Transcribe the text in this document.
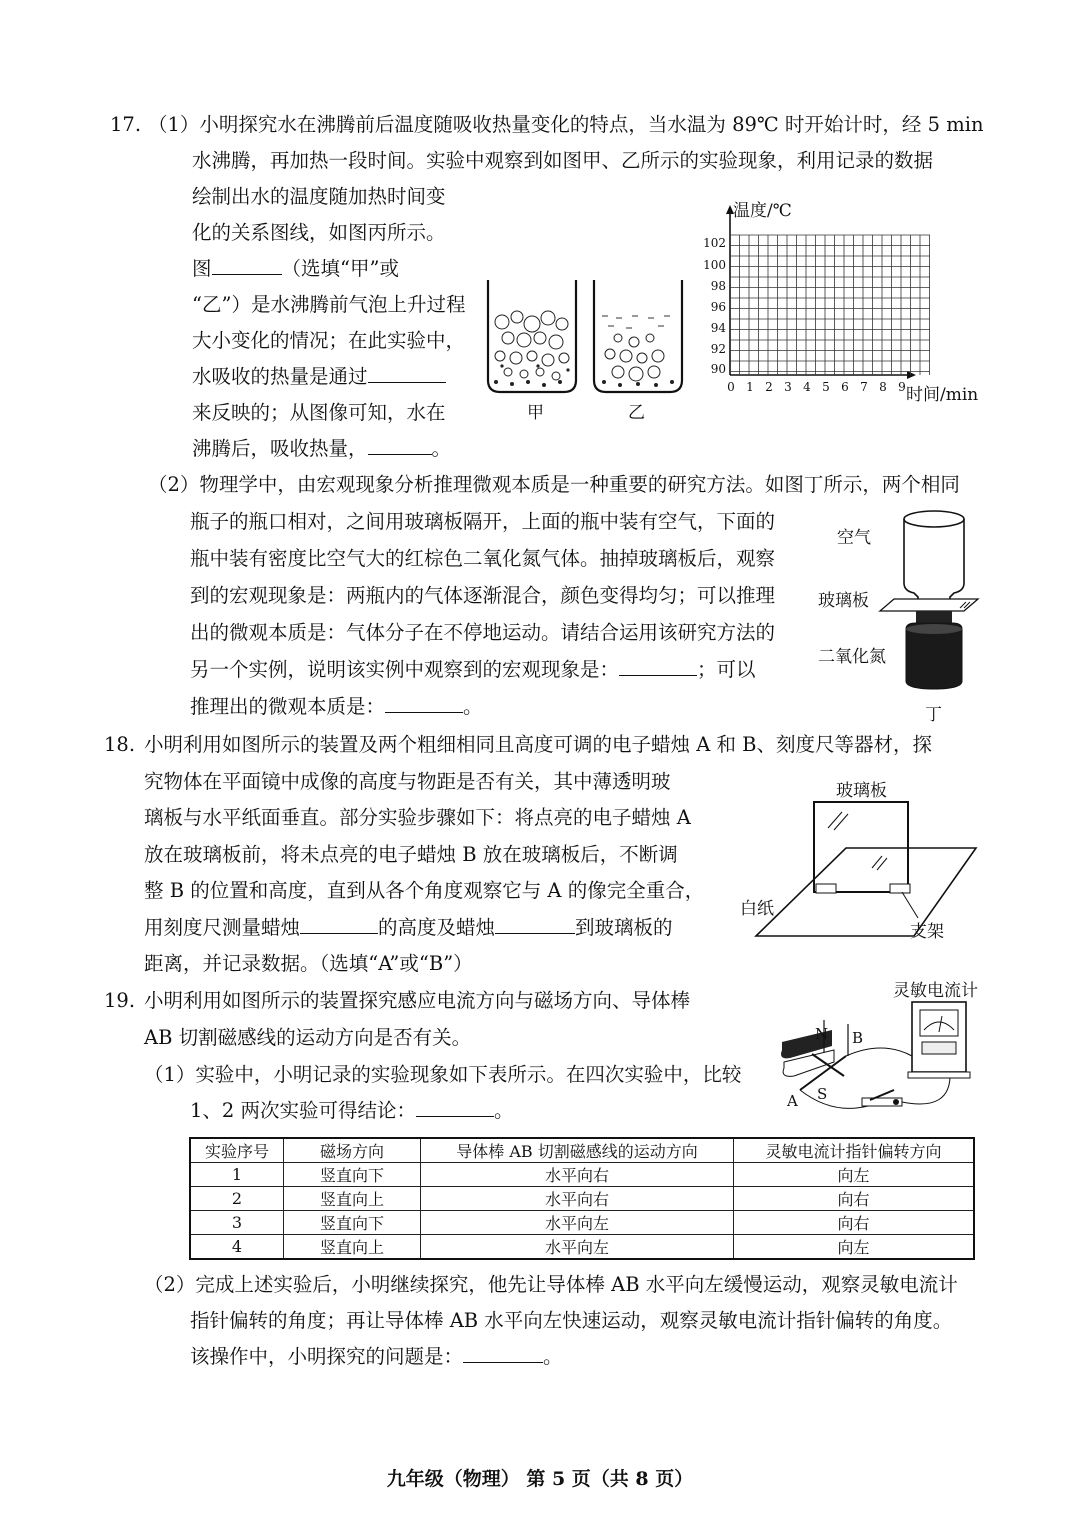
17. （1）小明探究水在沸腾前后温度随吸收热量变化的特点，当水温为 89℃ 时开始计时，经 5 min
水沸腾，再加热一段时间。实验中观察到如图甲、乙所示的实验现象，利用记录的数据
绘制出水的温度随加热时间变
化的关系图线，如图丙所示。
图	（选填“甲”或
“乙”）是水沸腾前气泡上升过程
大小变化的情况；在此实验中，
水吸收的热量是通过
来反映的；从图像可知，水在
沸腾后，吸收热量，	。
甲	乙
温度/℃
102
100
98
96
94
92
90
0 1 2 3 4 5 6 7 8 9 时间/min
（2）物理学中，由宏观现象分析推理微观本质是一种重要的研究方法。如图丁所示，两个相同
瓶子的瓶口相对，之间用玻璃板隔开，上面的瓶中装有空气，下面的
瓶中装有密度比空气大的红棕色二氧化氮气体。抽掉玻璃板后，观察
到的宏观现象是：两瓶内的气体逐渐混合，颜色变得均匀；可以推理
出的微观本质是：气体分子在不停地运动。请结合运用该研究方法的
另一个实例，说明该实例中观察到的宏观现象是：	；可以
推理出的微观本质是：	。
空气
玻璃板
二氧化氮
丁
18. 小明利用如图所示的装置及两个粗细相同且高度可调的电子蜡烛 A 和 B、刻度尺等器材，探
究物体在平面镜中成像的高度与物距是否有关，其中薄透明玻
璃板与水平纸面垂直。部分实验步骤如下：将点亮的电子蜡烛 A
放在玻璃板前，将未点亮的电子蜡烛 B 放在玻璃板后，不断调
整 B 的位置和高度，直到从各个角度观察它与 A 的像完全重合，
用刻度尺测量蜡烛	的高度及蜡烛	到玻璃板的
距离，并记录数据。（选填“A”或“B”）
玻璃板
白纸
支架
19. 小明利用如图所示的装置探究感应电流方向与磁场方向、导体棒
AB 切割磁感线的运动方向是否有关。
（1）实验中，小明记录的实验现象如下表所示。在四次实验中，比较
1、2 两次实验可得结论：	。
灵敏电流计
N B
A S
实验序号	磁场方向	导体棒 AB 切割磁感线的运动方向	灵敏电流计指针偏转方向
1	竖直向下	水平向右	向左
2	竖直向上	水平向右	向右
3	竖直向下	水平向左	向右
4	竖直向上	水平向左	向左
（2）完成上述实验后，小明继续探究，他先让导体棒 AB 水平向左缓慢运动，观察灵敏电流计
指针偏转的角度；再让导体棒 AB 水平向左快速运动，观察灵敏电流计指针偏转的角度。
该操作中，小明探究的问题是：	。
九年级（物理） 第 5 页（共 8 页）
